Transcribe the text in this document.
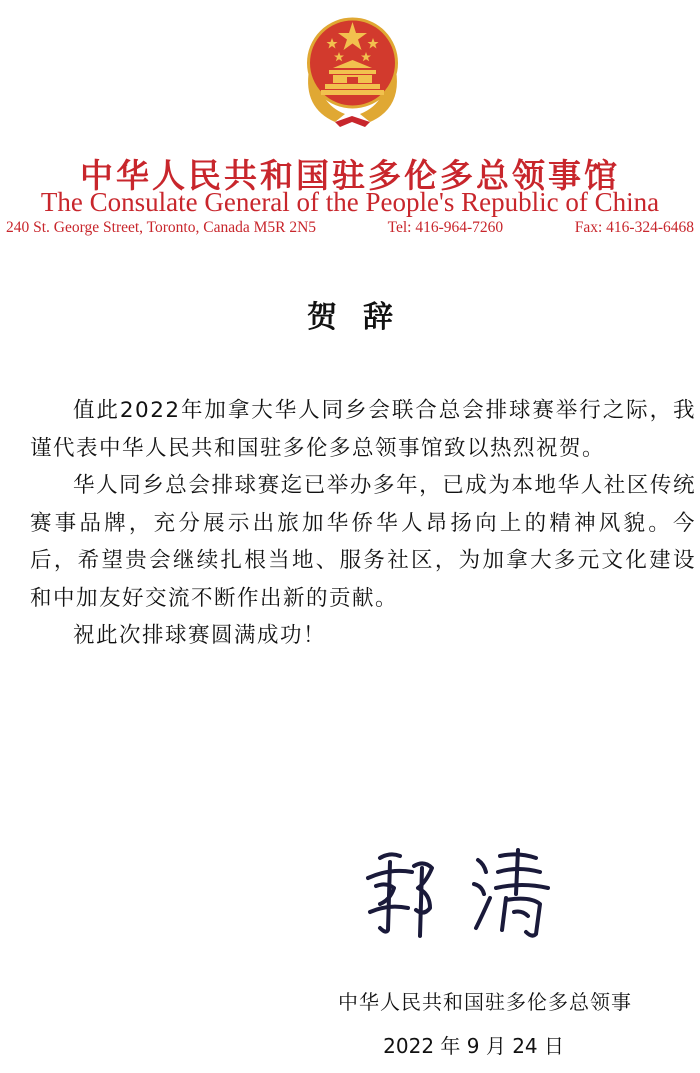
中华人民共和国驻多伦多总领事馆
The Consulate General of the People's Republic of China
240 St. George Street, Toronto, Canada M5R 2N5	Tel: 416-964-7260	Fax: 416-324-6468
贺辞

值此2022年加拿大华人同乡会联合总会排球赛举行之际，我谨代表中华人民共和国驻多伦多总领事馆致以热烈祝贺。

华人同乡总会排球赛迄已举办多年，已成为本地华人社区传统赛事品牌，充分展示出旅加华侨华人昂扬向上的精神风貌。今后，希望贵会继续扎根当地、服务社区，为加拿大多元文化建设和中加友好交流不断作出新的贡献。

祝此次排球赛圆满成功！

中华人民共和国驻多伦多总领事
2022 年 9 月 24 日
